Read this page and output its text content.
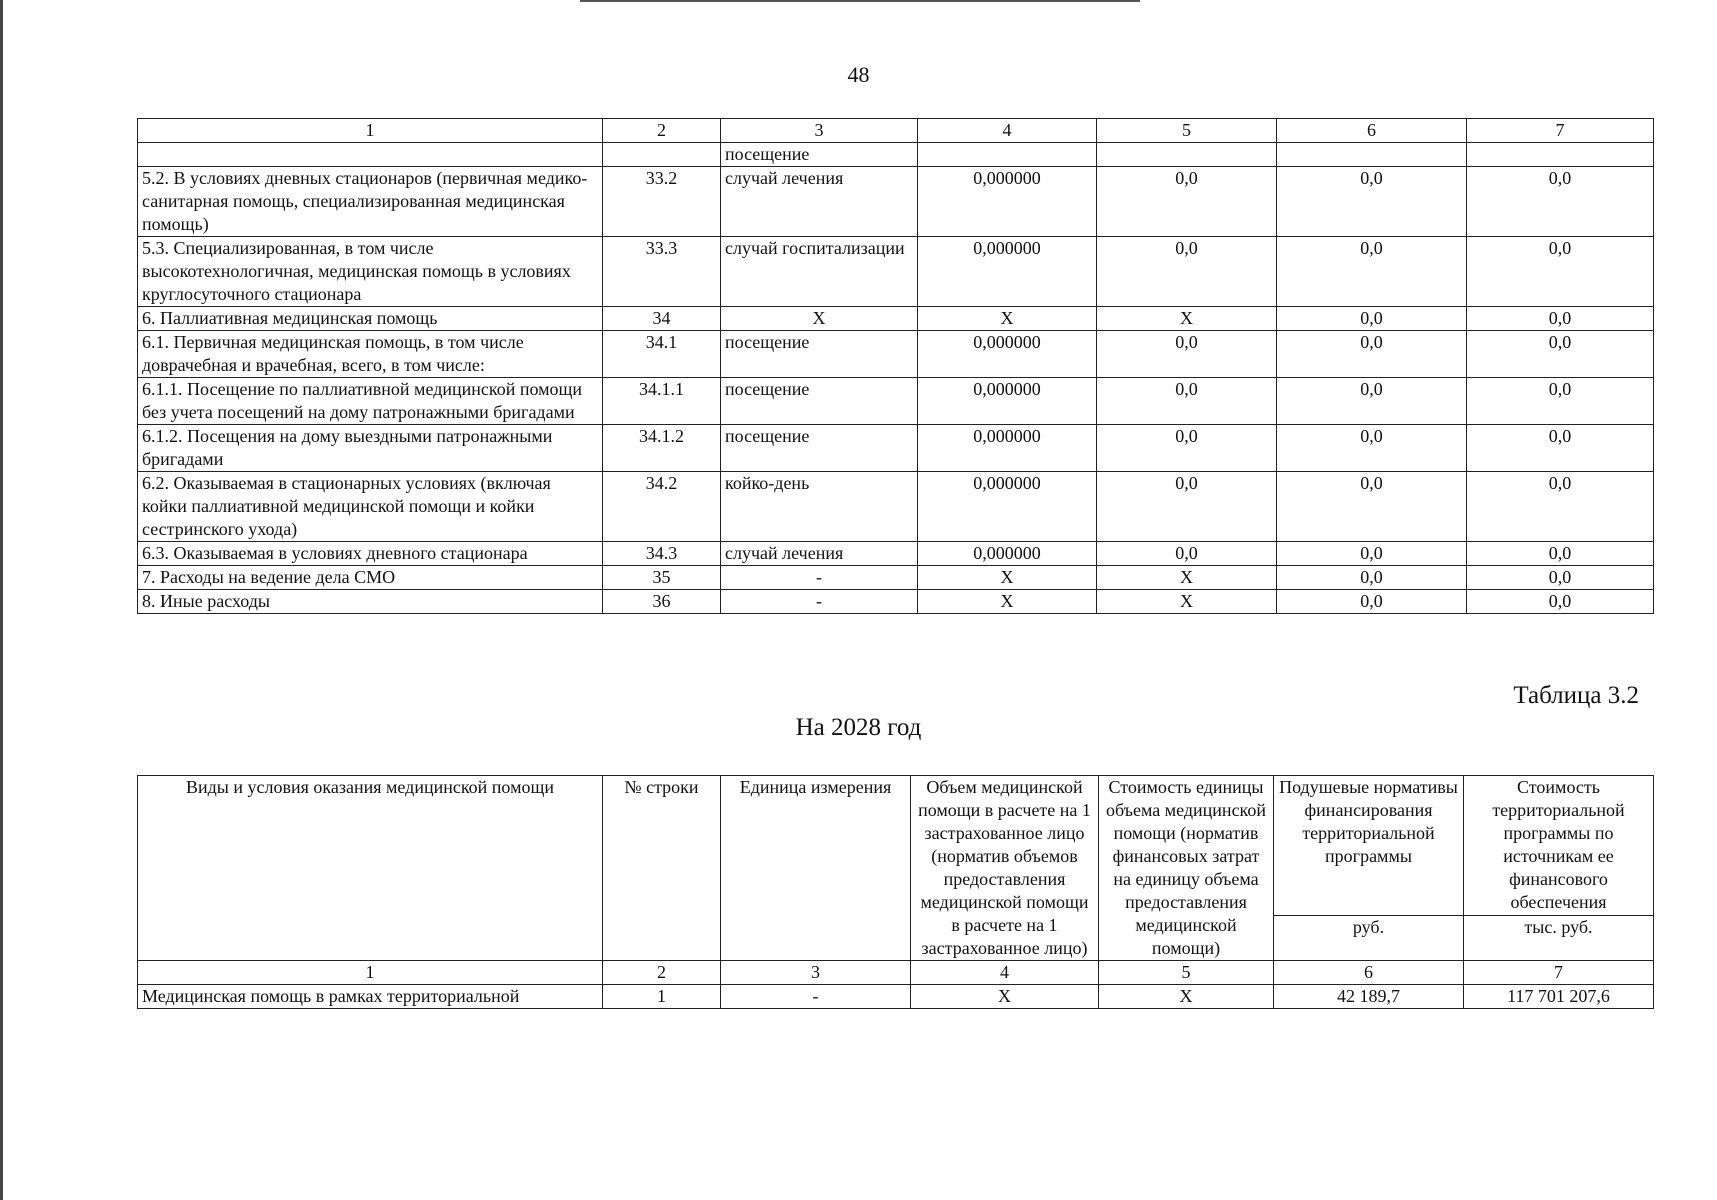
48
1	2	3	4	5	6	7
		посещение				
5.2. В условиях дневных стационаров (первичная медико-санитарная помощь, специализированная медицинская помощь)	33.2	случай лечения	0,000000	0,0	0,0	0,0
5.3. Специализированная, в том числе высокотехнологичная, медицинская помощь в условиях круглосуточного стационара	33.3	случай госпитализации	0,000000	0,0	0,0	0,0
6. Паллиативная медицинская помощь	34	Х	Х	Х	0,0	0,0
6.1. Первичная медицинская помощь, в том числе доврачебная и врачебная, всего, в том числе:	34.1	посещение	0,000000	0,0	0,0	0,0
6.1.1. Посещение по паллиативной медицинской помощи без учета посещений на дому патронажными бригадами	34.1.1	посещение	0,000000	0,0	0,0	0,0
6.1.2. Посещения на дому выездными патронажными бригадами	34.1.2	посещение	0,000000	0,0	0,0	0,0
6.2. Оказываемая в стационарных условиях (включая койки паллиативной медицинской помощи и койки сестринского ухода)	34.2	койко-день	0,000000	0,0	0,0	0,0
6.3. Оказываемая в условиях дневного стационара	34.3	случай лечения	0,000000	0,0	0,0	0,0
7. Расходы на ведение дела СМО	35	-	Х	Х	0,0	0,0
8. Иные расходы	36	-	Х	Х	0,0	0,0
Таблица 3.2
На 2028 год
Виды и условия оказания медицинской помощи	№ строки	Единица измерения	Объем медицинской помощи в расчете на 1 застрахованное лицо (норматив объемов предоставления медицинской помощи в расчете на 1 застрахованное лицо)	Стоимость единицы объема медицинской помощи (норматив финансовых затрат на единицу объема предоставления медицинской помощи)	Подушевые нормативы финансирования территориальной программы	Стоимость территориальной программы по источникам ее финансового обеспечения
					руб.	тыс. руб.
1	2	3	4	5	6	7
Медицинская помощь в рамках территориальной	1	-	Х	Х	42 189,7	117 701 207,6
